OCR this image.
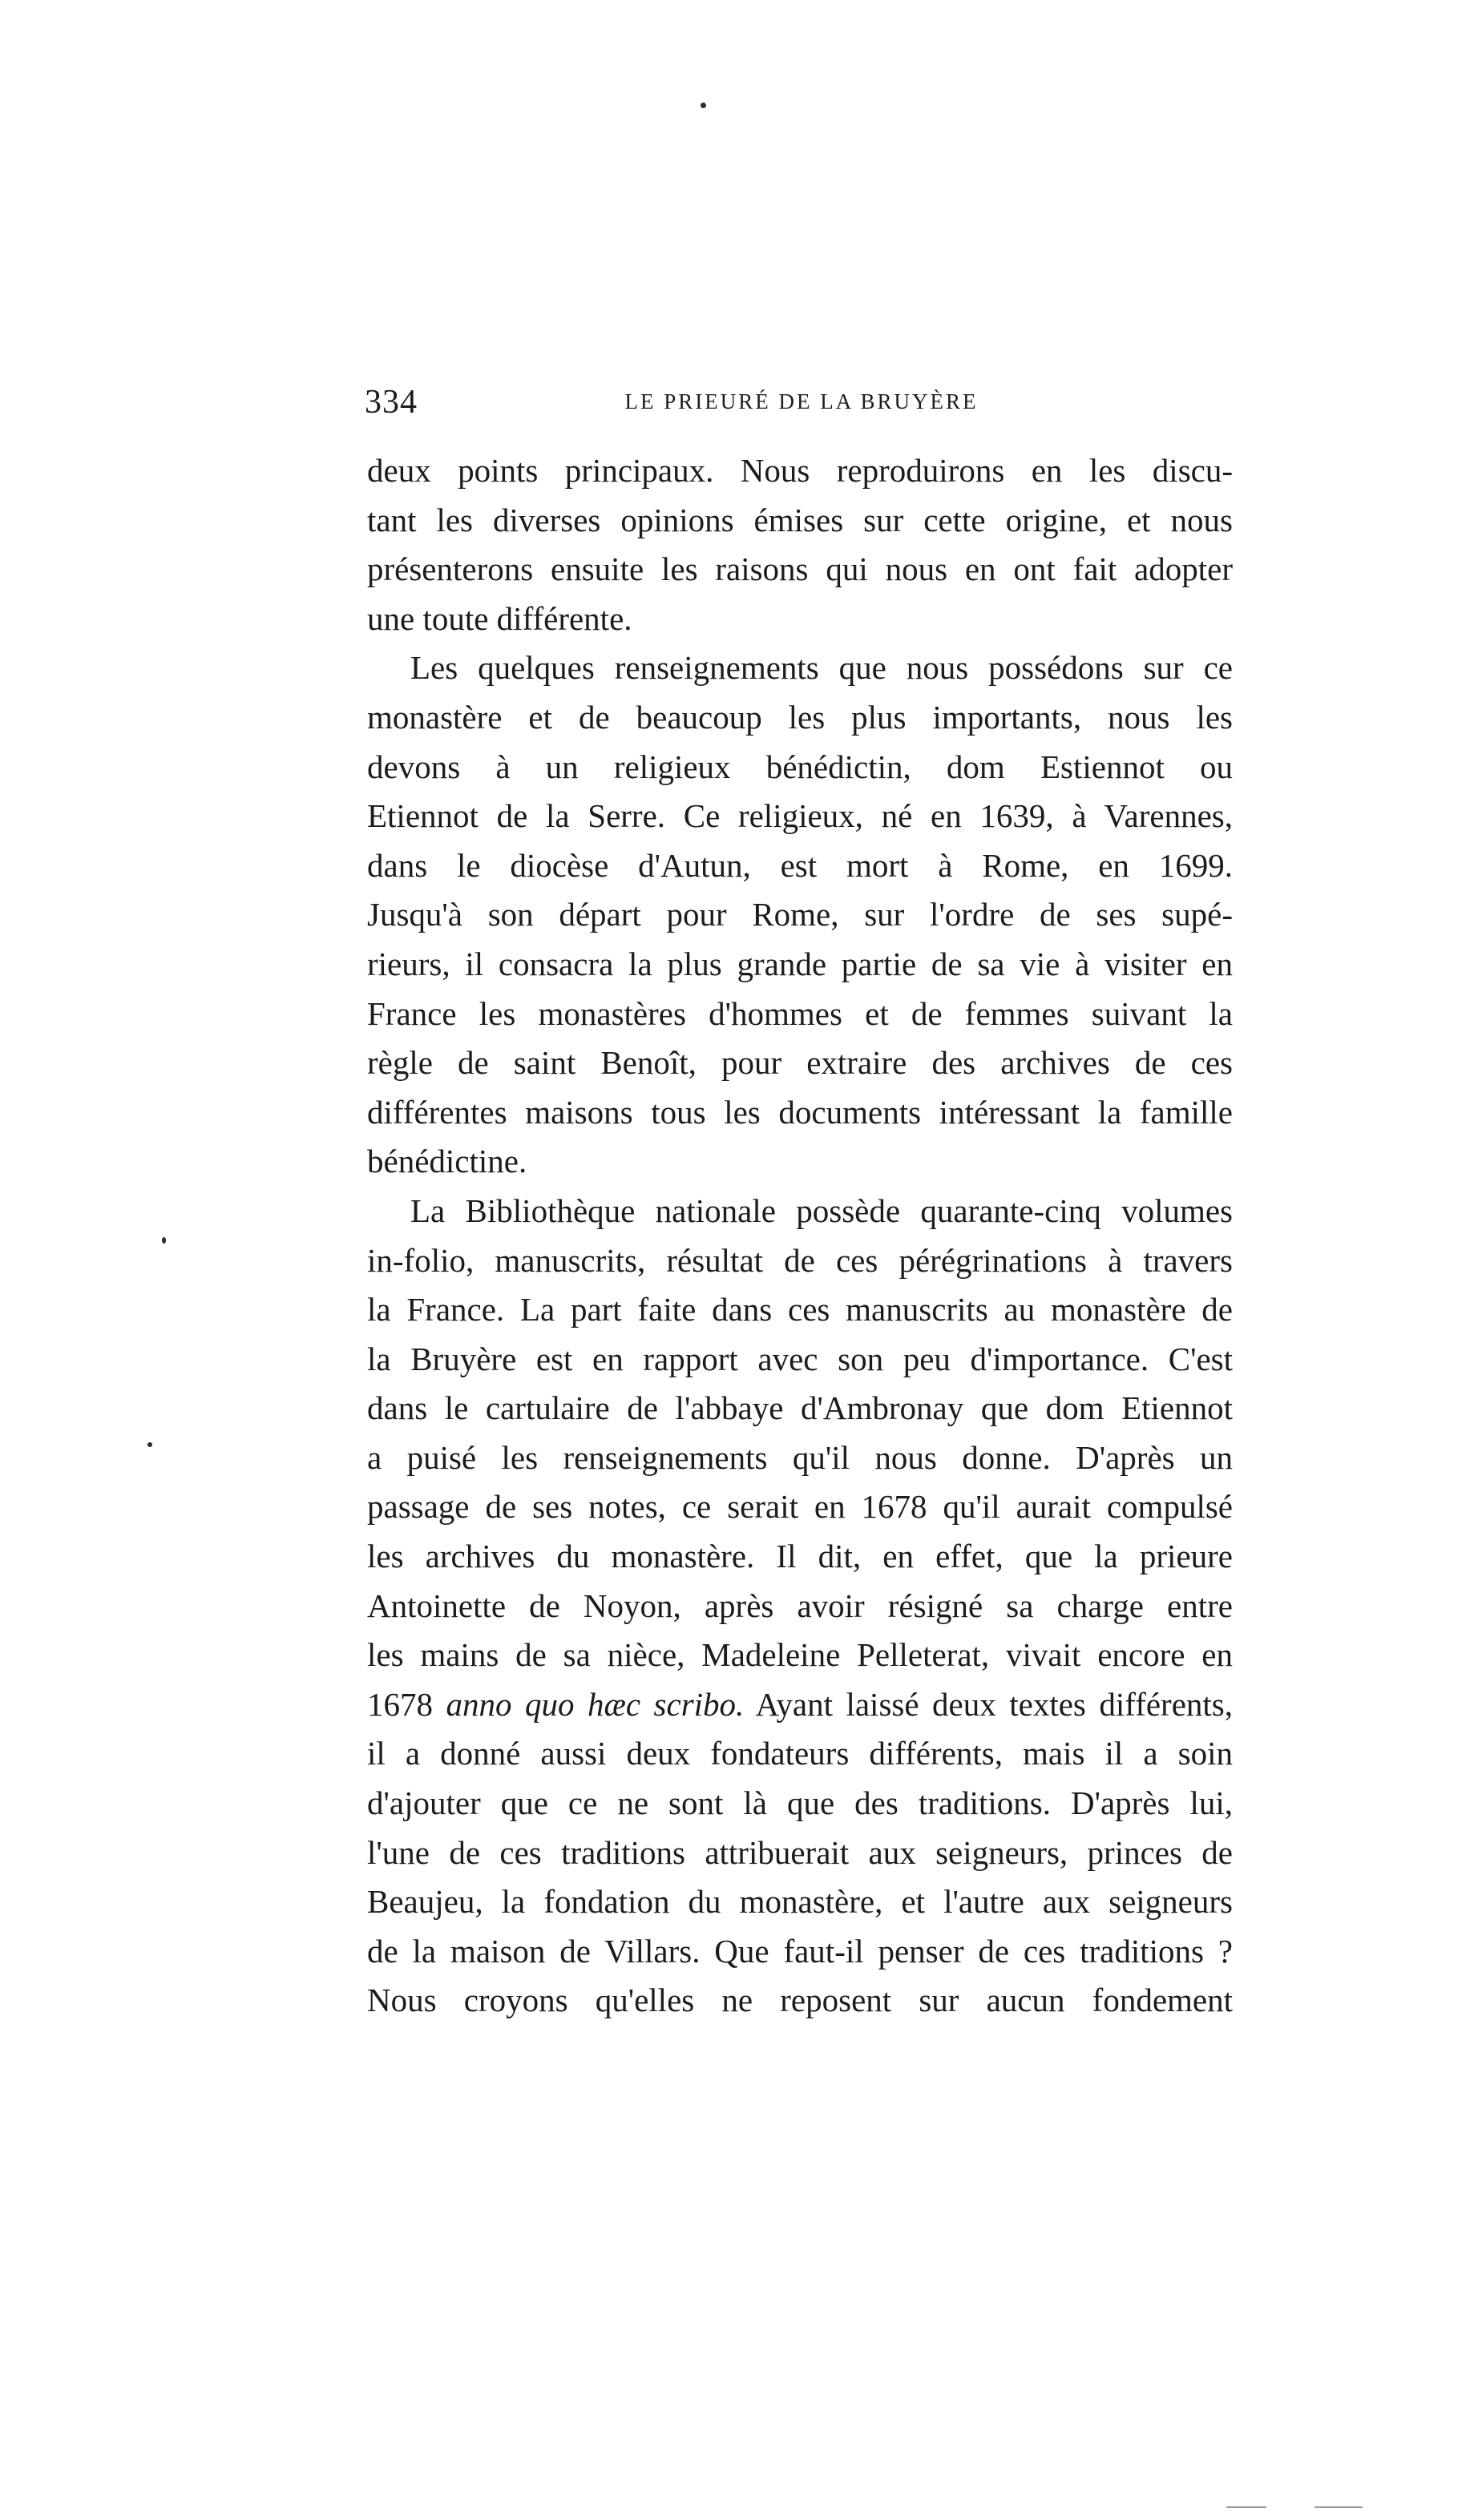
334	LE PRIEURÉ DE LA BRUYÈRE
deux points principaux. Nous reproduirons en les discu-
tant les diverses opinions émises sur cette origine, et nous
présenterons ensuite les raisons qui nous en ont fait adopter
une toute différente.
Les quelques renseignements que nous possédons sur ce
monastère et de beaucoup les plus importants, nous les
devons à un religieux bénédictin, dom Estiennot ou
Etiennot de la Serre. Ce religieux, né en 1639, à Varennes,
dans le diocèse d'Autun, est mort à Rome, en 1699.
Jusqu'à son départ pour Rome, sur l'ordre de ses supé-
rieurs, il consacra la plus grande partie de sa vie à visiter en
France les monastères d'hommes et de femmes suivant la
règle de saint Benoît, pour extraire des archives de ces
différentes maisons tous les documents intéressant la famille
bénédictine.
La Bibliothèque nationale possède quarante-cinq volumes
in-folio, manuscrits, résultat de ces pérégrinations à travers
la France. La part faite dans ces manuscrits au monastère de
la Bruyère est en rapport avec son peu d'importance. C'est
dans le cartulaire de l'abbaye d'Ambronay que dom Etiennot
a puisé les renseignements qu'il nous donne. D'après un
passage de ses notes, ce serait en 1678 qu'il aurait compulsé
les archives du monastère. Il dit, en effet, que la prieure
Antoinette de Noyon, après avoir résigné sa charge entre
les mains de sa nièce, Madeleine Pelleterat, vivait encore en
1678 anno quo hæc scribo. Ayant laissé deux textes différents,
il a donné aussi deux fondateurs différents, mais il a soin
d'ajouter que ce ne sont là que des traditions. D'après lui,
l'une de ces traditions attribuerait aux seigneurs, princes de
Beaujeu, la fondation du monastère, et l'autre aux seigneurs
de la maison de Villars. Que faut-il penser de ces traditions ?
Nous croyons qu'elles ne reposent sur aucun fondement
